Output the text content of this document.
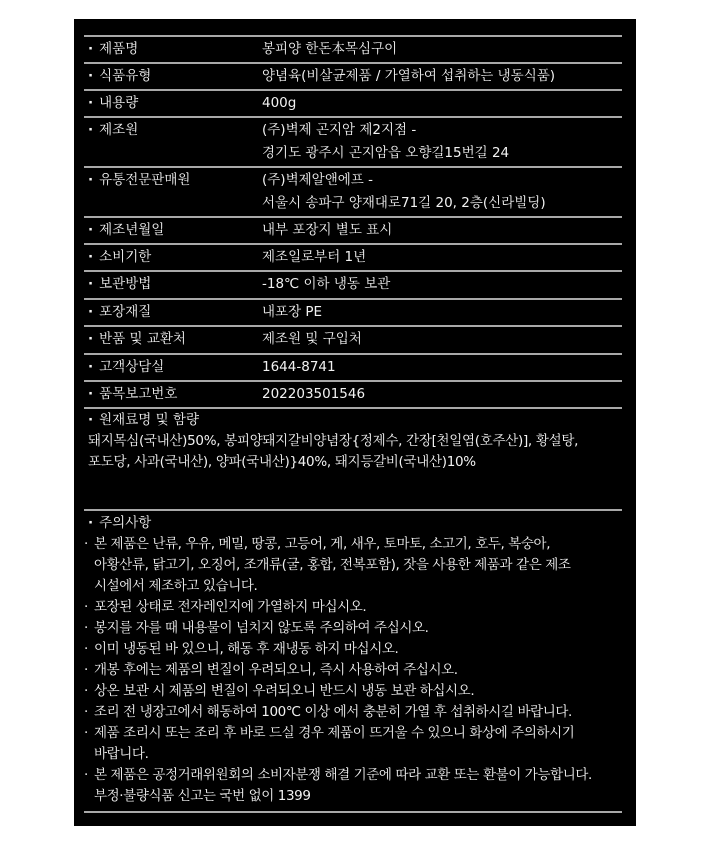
· 제품명	봉피양 한돈本목심구이
· 식품유형	양념육(비살균제품 / 가열하여 섭취하는 냉동식품)
· 내용량	400g
· 제조원	(주)벽제 곤지암 제2지점 -
경기도 광주시 곤지암읍 오향길15번길 24
· 유통전문판매원	(주)벽제알앤에프 -
서울시 송파구 양재대로71길 20, 2층(신라빌딩)
· 제조년월일	내부 포장지 별도 표시
· 소비기한	제조일로부터 1년
· 보관방법	-18℃ 이하 냉동 보관
· 포장재질	내포장 PE
· 반품 및 교환처	제조원 및 구입처
· 고객상담실	1644-8741
· 품목보고번호	202203501546
· 원재료명 및 함량
돼지목심(국내산)50%, 봉피양돼지갈비양념장{정제수, 간장[천일염(호주산)], 황설탕,
포도당, 사과(국내산), 양파(국내산)}40%, 돼지등갈비(국내산)10%
· 주의사항
· 본 제품은 난류, 우유, 메밀, 땅콩, 고등어, 게, 새우, 토마토, 소고기, 호두, 복숭아,
아황산류, 닭고기, 오징어, 조개류(굴, 홍합, 전복포함), 잣을 사용한 제품과 같은 제조
시설에서 제조하고 있습니다.
· 포장된 상태로 전자레인지에 가열하지 마십시오.
· 봉지를 자를 때 내용물이 넘치지 않도록 주의하여 주십시오.
· 이미 냉동된 바 있으니, 해동 후 재냉동 하지 마십시오.
· 개봉 후에는 제품의 변질이 우려되오니, 즉시 사용하여 주십시오.
· 상온 보관 시 제품의 변질이 우려되오니 반드시 냉동 보관 하십시오.
· 조리 전 냉장고에서 해동하여 100℃ 이상 에서 충분히 가열 후 섭취하시길 바랍니다.
· 제품 조리시 또는 조리 후 바로 드실 경우 제품이 뜨거울 수 있으니 화상에 주의하시기
바랍니다.
· 본 제품은 공정거래위원회의 소비자분쟁 해결 기준에 따라 교환 또는 환불이 가능합니다.
부정·불량식품 신고는 국번 없이 1399
